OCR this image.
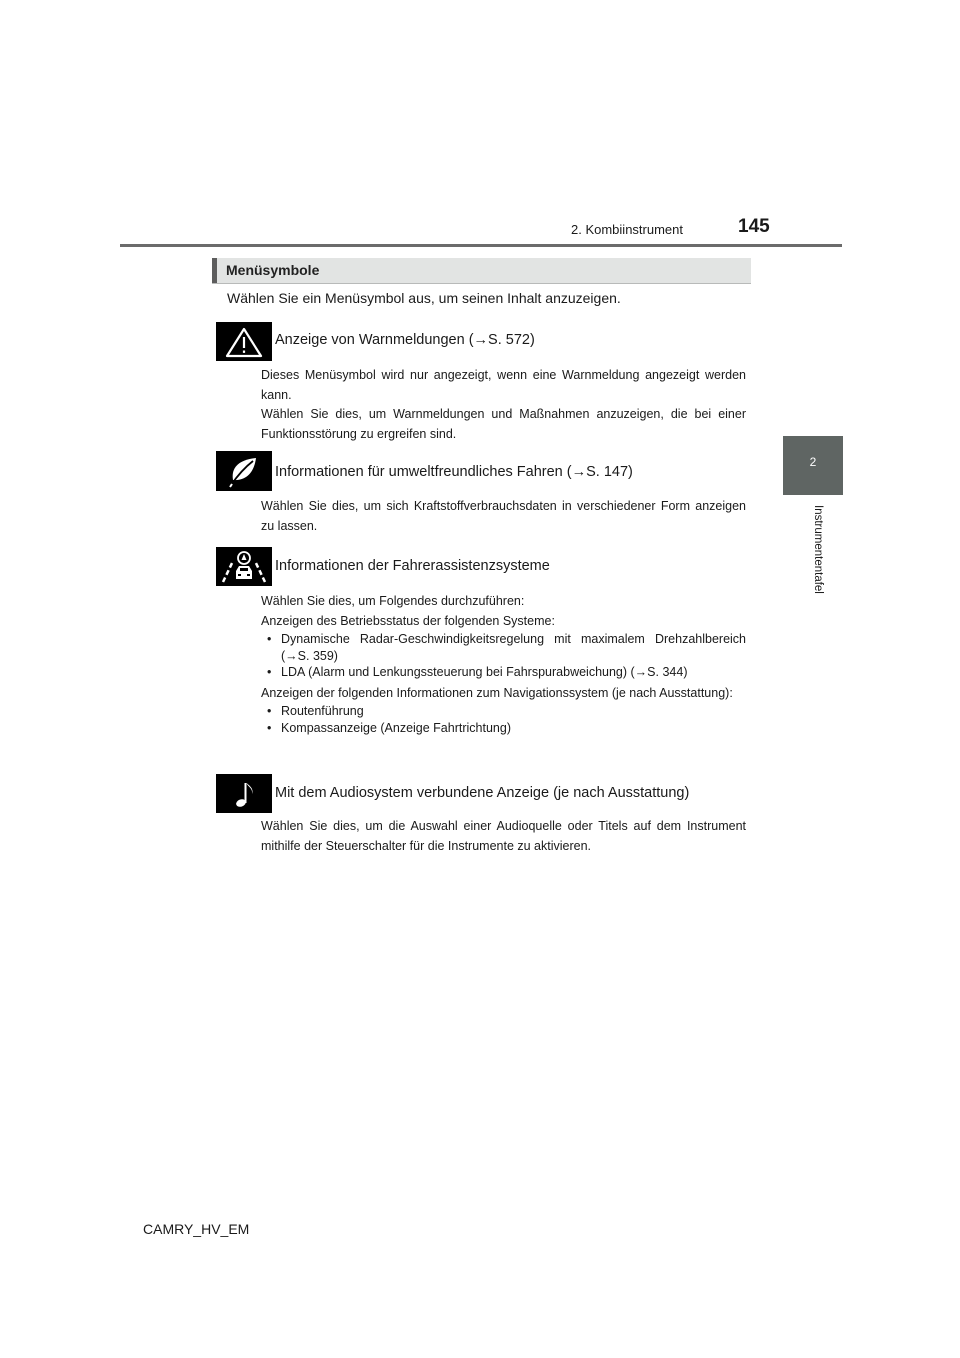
2. Kombiinstrument	145
2
Instrumententafel
Menüsymbole
Wählen Sie ein Menüsymbol aus, um seinen Inhalt anzuzeigen.
Anzeige von Warnmeldungen (→S. 572)

Dieses Menüsymbol wird nur angezeigt, wenn eine Warnmeldung angezeigt werden kann.

Wählen Sie dies, um Warnmeldungen und Maßnahmen anzuzeigen, die bei einer Funktionsstörung zu ergreifen sind.

Informationen für umweltfreundliches Fahren (→S. 147)

Wählen Sie dies, um sich Kraftstoffverbrauchsdaten in verschiedener Form anzeigen zu lassen.

Informationen der Fahrerassistenzsysteme

Wählen Sie dies, um Folgendes durchzuführen:

Anzeigen des Betriebsstatus der folgenden Systeme:

• Dynamische Radar-Geschwindigkeitsregelung mit maximalem Drehzahlbereich (→S. 359)
• LDA (Alarm und Lenkungssteuerung bei Fahrspurabweichung) (→S. 344)

Anzeigen der folgenden Informationen zum Navigationssystem (je nach Ausstattung):

• Routenführung
• Kompassanzeige (Anzeige Fahrtrichtung)
Mit dem Audiosystem verbundene Anzeige (je nach Ausstattung)

Wählen Sie dies, um die Auswahl einer Audioquelle oder Titels auf dem Instrument mithilfe der Steuerschalter für die Instrumente zu aktivieren.

CAMRY_HV_EM
